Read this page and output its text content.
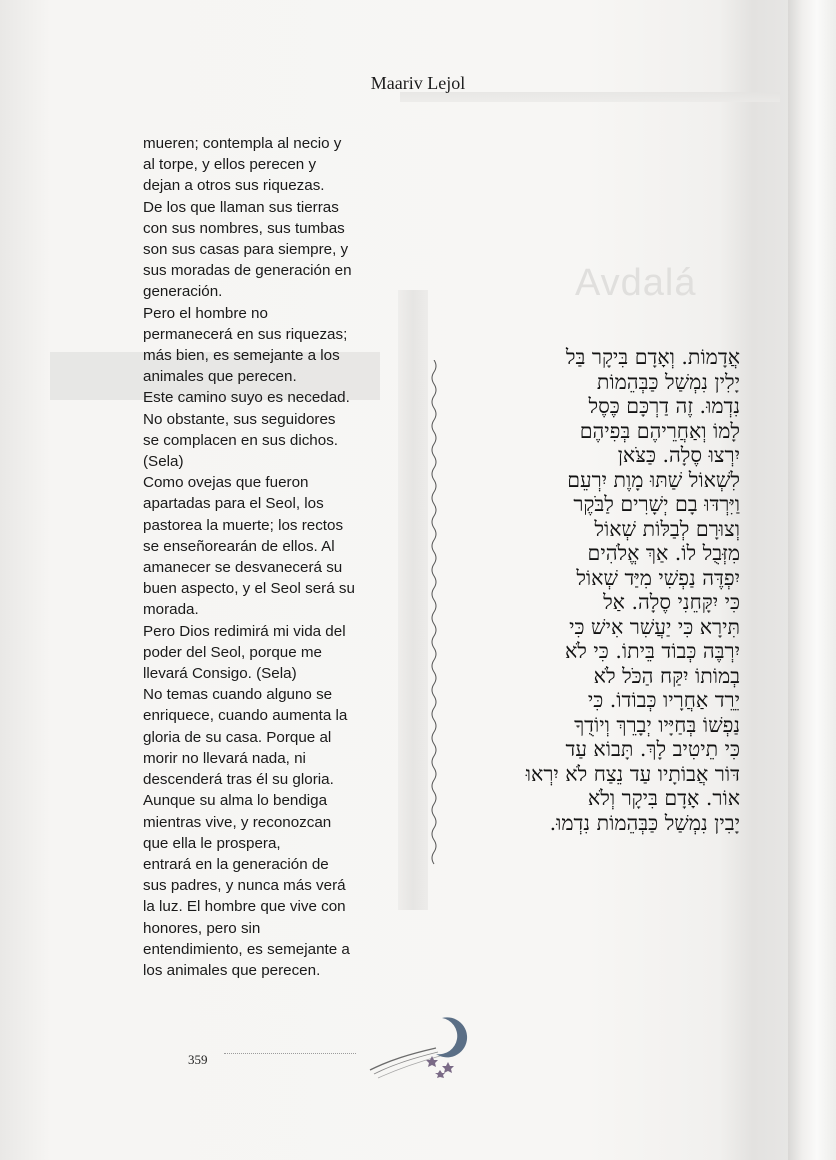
Avdalá
Maariv Lejol
mueren; contempla al necio y
al torpe, y ellos perecen y
dejan a otros sus riquezas.
De los que llaman sus tierras
con sus nombres, sus tumbas
son sus casas para siempre, y
sus moradas de generación en
generación.
Pero el hombre no
permanecerá en sus riquezas;
más bien, es semejante a los
animales que perecen.
Este camino suyo es necedad.
No obstante, sus seguidores
se complacen en sus dichos.
(Sela)
Como ovejas que fueron
apartadas para el Seol, los
pastorea la muerte; los rectos
se enseñorearán de ellos. Al
amanecer se desvanecerá su
buen aspecto, y el Seol será su
morada.
Pero Dios redimirá mi vida del
poder del Seol, porque me
llevará Consigo. (Sela)
No temas cuando alguno se
enriquece, cuando aumenta la
gloria de su casa. Porque al
morir no llevará nada, ni
descenderá tras él su gloria.
Aunque su alma lo bendiga
mientras vive, y reconozcan
que ella le prospera,
entrará en la generación de
sus padres, y nunca más verá
la luz. El hombre que vive con
honores, pero sin
entendimiento, es semejante a
los animales que perecen.
אֲדָמוֹת. וְאָדָם בִּיקָר בַּל
יָלִין נִמְשַׁל כַּבְּהֵמוֹת
נִדְמוּ. זֶה דַרְכָּם כֶּסֶל
לָמוֹ וְאַחֲרֵיהֶם בְּפִיהֶם
יִרְצוּ סֶלָה. כַּצֹּאן
לִשְׁאוֹל שַׁתּוּ מָוֶת יִרְעֵם
וַיִּרְדּוּ בָם יְשָׁרִים לַבֹּקֶר
וְצוּרָם לְבַלּוֹת שְׁאוֹל
מִזְּבֻל לוֹ. אַךְ אֱלֹהִים
יִפְדֶּה נַפְשִׁי מִיַּד שְׁאוֹל
כִּי יִקָּחֵנִי סֶלָה. אַל
תִּירָא כִּי יַעֲשִׁר אִישׁ כִּי
יִרְבֶּה כְּבוֹד בֵּיתוֹ. כִּי לֹא
בְמוֹתוֹ יִקַּח הַכֹּל לֹא
יֵרֵד אַחֲרָיו כְּבוֹדוֹ. כִּי
נַפְשׁוֹ בְּחַיָּיו יְבָרֵךְ וְיוֹדֻךָ
כִּי תֵיטִיב לָךְ. תָּבוֹא עַד
דּוֹר אֲבוֹתָיו עַד נֵצַח לֹא יִרְאוּ
אוֹר. אָדָם בִּיקָר וְלֹא
יָבִין נִמְשַׁל כַּבְּהֵמוֹת נִדְמוּ.
359
